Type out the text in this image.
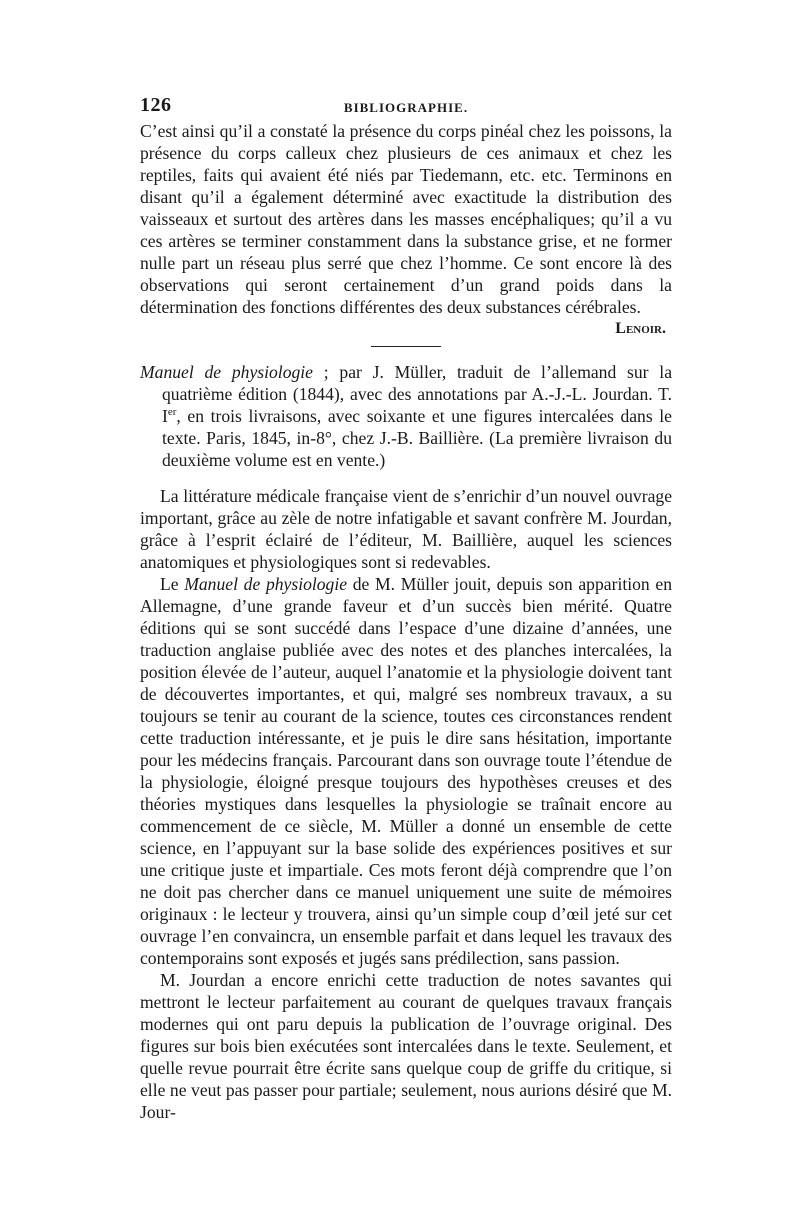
126	BIBLIOGRAPHIE.

C’est ainsi qu’il a constaté la présence du corps pinéal chez les poissons, la présence du corps calleux chez plusieurs de ces animaux et chez les reptiles, faits qui avaient été niés par Tiedemann, etc. etc. Terminons en disant qu’il a également déterminé avec exactitude la distribution des vaisseaux et surtout des artères dans les masses encéphaliques; qu’il a vu ces artères se terminer constamment dans la substance grise, et ne former nulle part un réseau plus serré que chez l’homme. Ce sont encore là des observations qui seront certainement d’un grand poids dans la détermination des fonctions différentes des deux substances cérébrales.

Lenoir.

Manuel de physiologie ; par J. Müller, traduit de l’allemand sur la quatrième édition (1844), avec des annotations par A.-J.-L. Jourdan. T. Ier, en trois livraisons, avec soixante et une figures intercalées dans le texte. Paris, 1845, in-8°, chez J.-B. Baillière. (La première livraison du deuxième volume est en vente.)

La littérature médicale française vient de s’enrichir d’un nouvel ouvrage important, grâce au zèle de notre infatigable et savant confrère M. Jourdan, grâce à l’esprit éclairé de l’éditeur, M. Baillière, auquel les sciences anatomiques et physiologiques sont si redevables.

Le Manuel de physiologie de M. Müller jouit, depuis son apparition en Allemagne, d’une grande faveur et d’un succès bien mérité. Quatre éditions qui se sont succédé dans l’espace d’une dizaine d’années, une traduction anglaise publiée avec des notes et des planches intercalées, la position élevée de l’auteur, auquel l’anatomie et la physiologie doivent tant de découvertes importantes, et qui, malgré ses nombreux travaux, a su toujours se tenir au courant de la science, toutes ces circonstances rendent cette traduction intéressante, et je puis le dire sans hésitation, importante pour les médecins français. Parcourant dans son ouvrage toute l’étendue de la physiologie, éloigné presque toujours des hypothèses creuses et des théories mystiques dans lesquelles la physiologie se traînait encore au commencement de ce siècle, M. Müller a donné un ensemble de cette science, en l’appuyant sur la base solide des expériences positives et sur une critique juste et impartiale. Ces mots feront déjà comprendre que l’on ne doit pas chercher dans ce manuel uniquement une suite de mémoires originaux : le lecteur y trouvera, ainsi qu’un simple coup d’œil jeté sur cet ouvrage l’en convaincra, un ensemble parfait et dans lequel les travaux des contemporains sont exposés et jugés sans prédilection, sans passion.

M. Jourdan a encore enrichi cette traduction de notes savantes qui mettront le lecteur parfaitement au courant de quelques travaux français modernes qui ont paru depuis la publication de l’ouvrage original. Des figures sur bois bien exécutées sont intercalées dans le texte. Seulement, et quelle revue pourrait être écrite sans quelque coup de griffe du critique, si elle ne veut pas passer pour partiale; seulement, nous aurions désiré que M. Jour-
